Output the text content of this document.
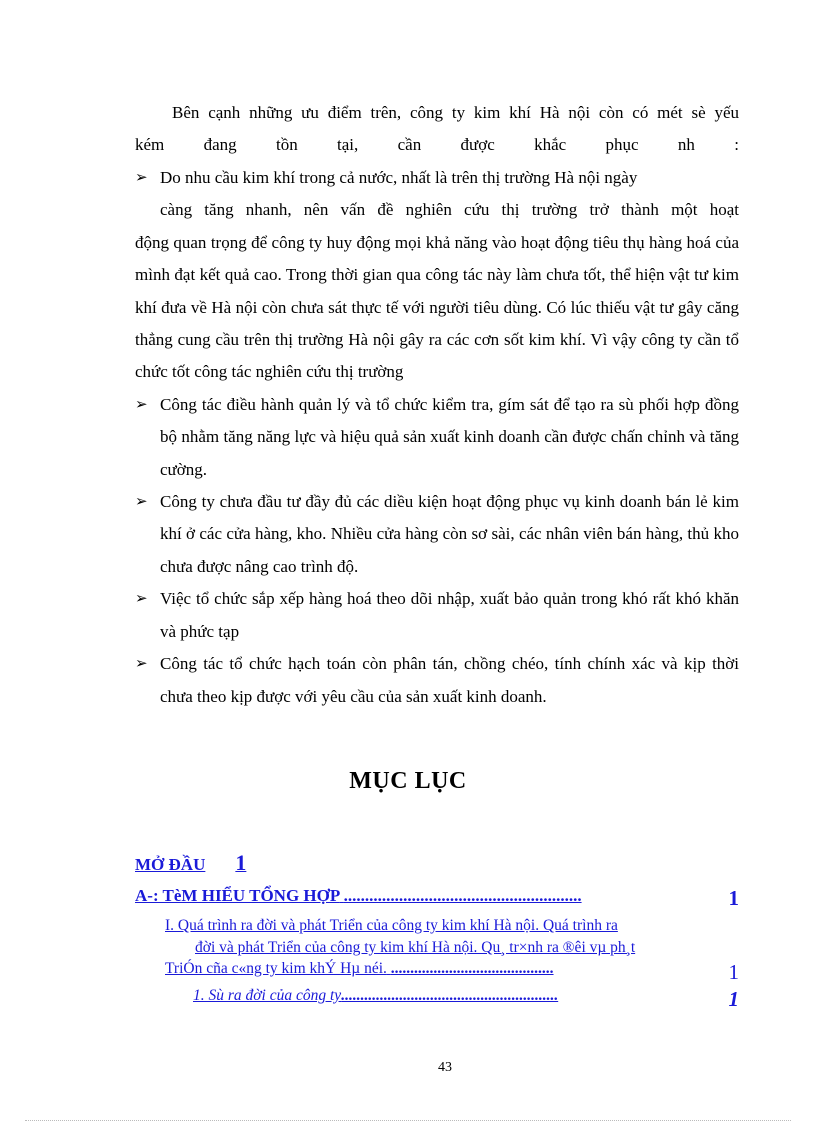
Bên cạnh những ưu điểm trên, công ty kim khí Hà nội còn có mét sè yếu
kém đang tồn tại, cần được khắc phục nh :
➢ Do nhu cầu kim khí trong cả nước, nhất là trên thị trường Hà nội ngày
càng tăng nhanh, nên vấn đề nghiên cứu thị trường trở thành một hoạt
động quan trọng để công ty huy động mọi khả năng vào hoạt động tiêu thụ hàng hoá của mình đạt kết quả cao. Trong thời gian qua công tác này làm chưa tốt, thể hiện vật tư kim khí đưa về Hà nội còn chưa sát thực tế với người tiêu dùng. Có lúc thiếu vật tư gây căng thẳng cung cầu trên thị trường Hà nội gây ra các cơn sốt kim khí. Vì vậy công ty cần tổ chức tốt công tác nghiên cứu thị trường
➢ Công tác điều hành quản lý và tổ chức kiểm tra, gím sát để tạo ra sù phối hợp đồng bộ nhằm tăng năng lực và hiệu quả sản xuất kinh doanh cần được chấn chỉnh và tăng cường.
➢ Công ty chưa đầu tư đầy đủ các diều kiện hoạt động phục vụ kinh doanh bán lẻ kim khí ở các cửa hàng, kho. Nhiều cửa hàng còn sơ sài, các nhân viên bán hàng, thủ kho chưa được nâng cao trình độ.
➢ Việc tổ chức sắp xếp hàng hoá theo dõi nhập, xuất bảo quản trong khó rất khó khăn và phức tạp
➢ Công tác tổ chức hạch toán còn phân tán, chồng chéo, tính chính xác và kịp thời chưa theo kịp được với yêu cầu của sản xuất kinh doanh.
MỤC LỤC
MỞ ĐẦU 1
A-: TèM HIỂU TỔNG HỢP ........................................................	1
I. Quá trình ra đời và phát Triển của công ty kim khí Hà nội. Quá trình ra
đời và phát Triển của công ty kim khí Hà nội. Qu¸ tr×nh ra ®êi vµ ph¸t
TriÓn cña c«ng ty kim khÝ Hµ néi. ..........................................	1
1. Sù ra đời của công ty........................................................	1
43
